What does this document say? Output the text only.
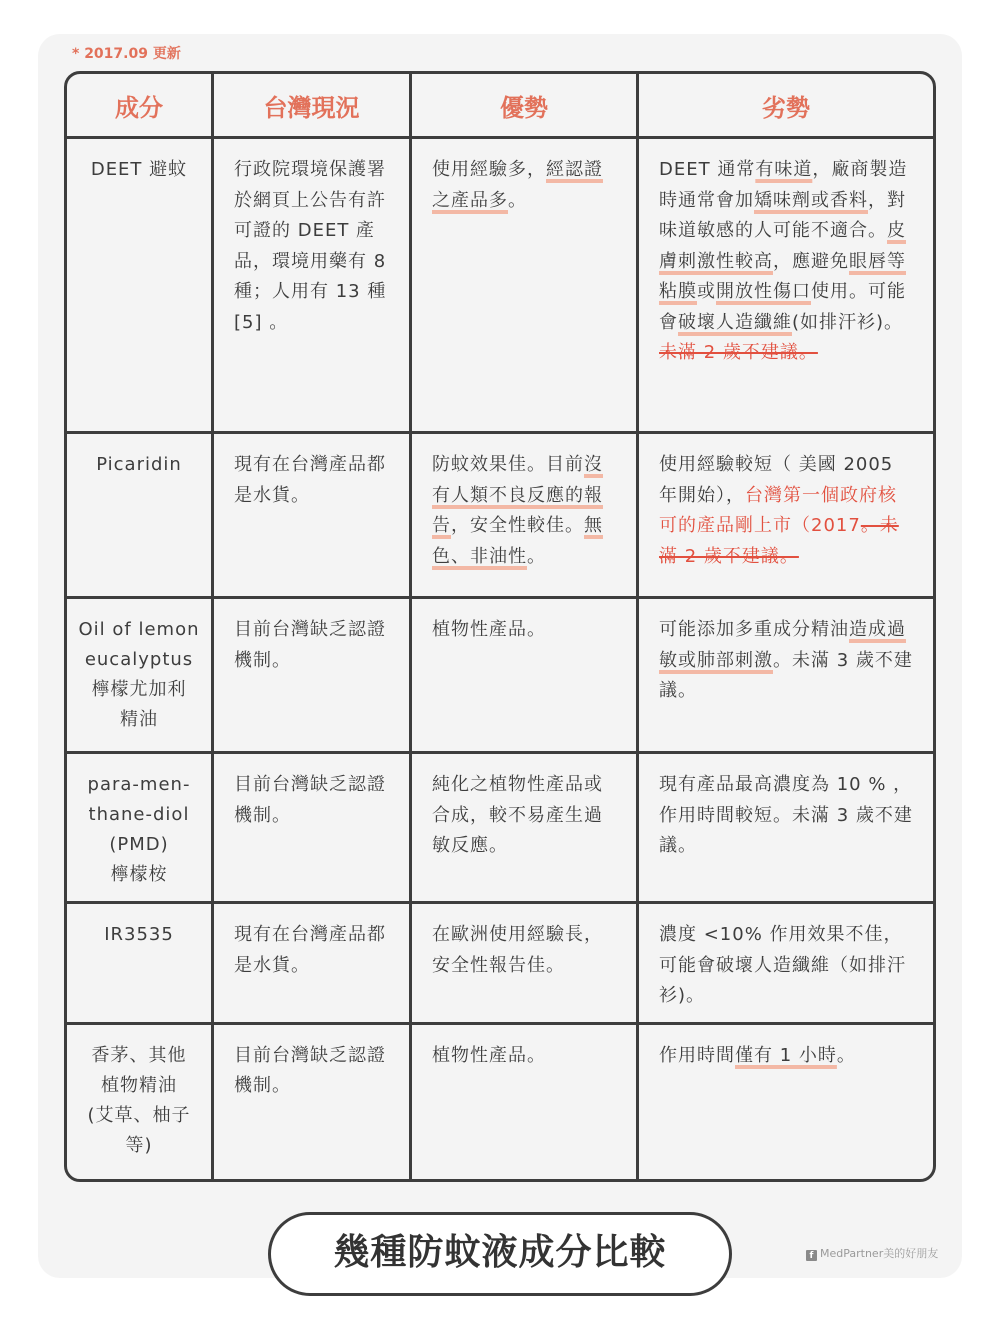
* 2017.09 更新
成分	台灣現況	優勢	劣勢

DEET 避蚊	行政院環境保護署於網頁上公告有許可證的 DEET 產品，環境用藥有 8 種；人用有 13 種[5] 。	使用經驗多，經認證之產品多。	DEET 通常有味道，廠商製造時通常會加矯味劑或香料，對味道敏感的人可能不適合。皮膚刺激性較高，應避免眼唇等粘膜或開放性傷口使用。可能會破壞人造纖維(如排汗衫)。未滿 2 歲不建議。

Picaridin	現有在台灣產品都是水貨。	防蚊效果佳。目前沒有人類不良反應的報告，安全性較佳。無色、非油性。	使用經驗較短（ 美國 2005 年開始），台灣第一個政府核可的產品剛上市（2017。未滿 2 歲不建議。

Oil of lemon
eucalyptus
檸檬尤加利
精油	目前台灣缺乏認證機制。	植物性產品。	可能添加多重成分精油造成過敏或肺部刺激。未滿 3 歲不建議。

para-men-
thane-diol
(PMD)
檸檬桉	目前台灣缺乏認證機制。	純化之植物性產品或合成，較不易產生過敏反應。	現有產品最高濃度為 10 % ，作用時間較短。未滿 3 歲不建議。

IR3535	現有在台灣產品都是水貨。	在歐洲使用經驗長，安全性報告佳。	濃度 <10% 作用效果不佳，可能會破壞人造纖維（如排汗衫)。

香茅、其他
植物精油
(艾草、柚子
等)	目前台灣缺乏認證機制。	植物性產品。	作用時間僅有 1 小時。
幾種防蚊液成分比較	f MedPartner美的好朋友
